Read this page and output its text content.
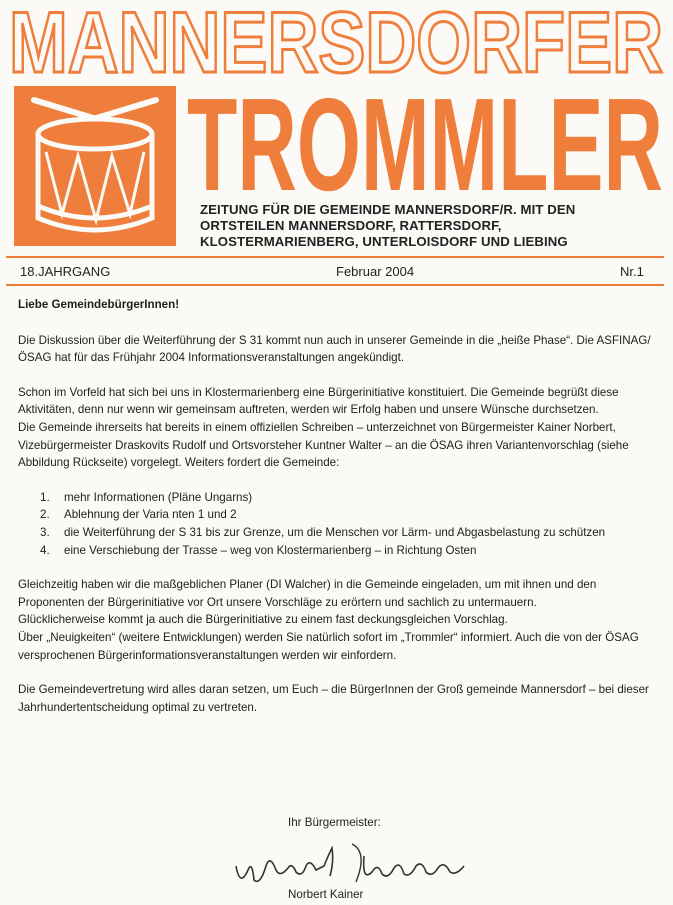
MANNERSDORFER
TROMMLER
ZEITUNG FÜR DIE GEMEINDE MANNERSDORF/R. MIT DEN
ORTSTEILEN MANNERSDORF, RATTERSDORF,
KLOSTERMARIENBERG, UNTERLOISDORF UND LIEBING
18.JAHRGANG	Februar 2004	Nr.1

Liebe GemeindebürgerInnen!

Die Diskussion über die Weiterführung der S 31 kommt nun auch in unserer Gemeinde in die „heiße Phase“. Die ASFINAG/ÖSAG hat für das Frühjahr 2004 Informationsveranstaltungen angekündigt.

Schon im Vorfeld hat sich bei uns in Klostermarienberg eine Bürgerinitiative konstituiert. Die Gemeinde begrüßt diese Aktivitäten, denn nur wenn wir gemeinsam auftreten, werden wir Erfolg haben und unsere Wünsche durchsetzen.

Die Gemeinde ihrerseits hat bereits in einem offiziellen Schreiben – unterzeichnet von Bürgermeister Kainer Norbert, Vizebürgermeister Draskovits Rudolf und Ortsvorsteher Kuntner Walter – an die ÖSAG ihren Variantenvorschlag (siehe Abbildung Rückseite) vorgelegt. Weiters fordert die Gemeinde:

1. mehr Informationen (Pläne Ungarns)
2. Ablehnung der Varia nten 1 und 2
3. die Weiterführung der S 31 bis zur Grenze, um die Menschen vor Lärm- und Abgasbelastung zu schützen
4. eine Verschiebung der Trasse – weg von Klostermarienberg – in Richtung Osten

Gleichzeitig haben wir die maßgeblichen Planer (DI Walcher) in die Gemeinde eingeladen, um mit ihnen und den Proponenten der Bürgerinitiative vor Ort unsere Vorschläge zu erörtern und sachlich zu untermauern.

Glücklicherweise kommt ja auch die Bürgerinitiative zu einem fast deckungsgleichen Vorschlag.

Über „Neuigkeiten“ (weitere Entwicklungen) werden Sie natürlich sofort im „Trommler“ informiert. Auch die von der ÖSAG versprochenen Bürgerinformationsveranstaltungen werden wir einfordern.

Die Gemeindevertretung wird alles daran setzen, um Euch – die BürgerInnen der Groß gemeinde Mannersdorf – bei dieser Jahrhundertentscheidung optimal zu vertreten.

Ihr Bürgermeister:
Norbert Kainer
